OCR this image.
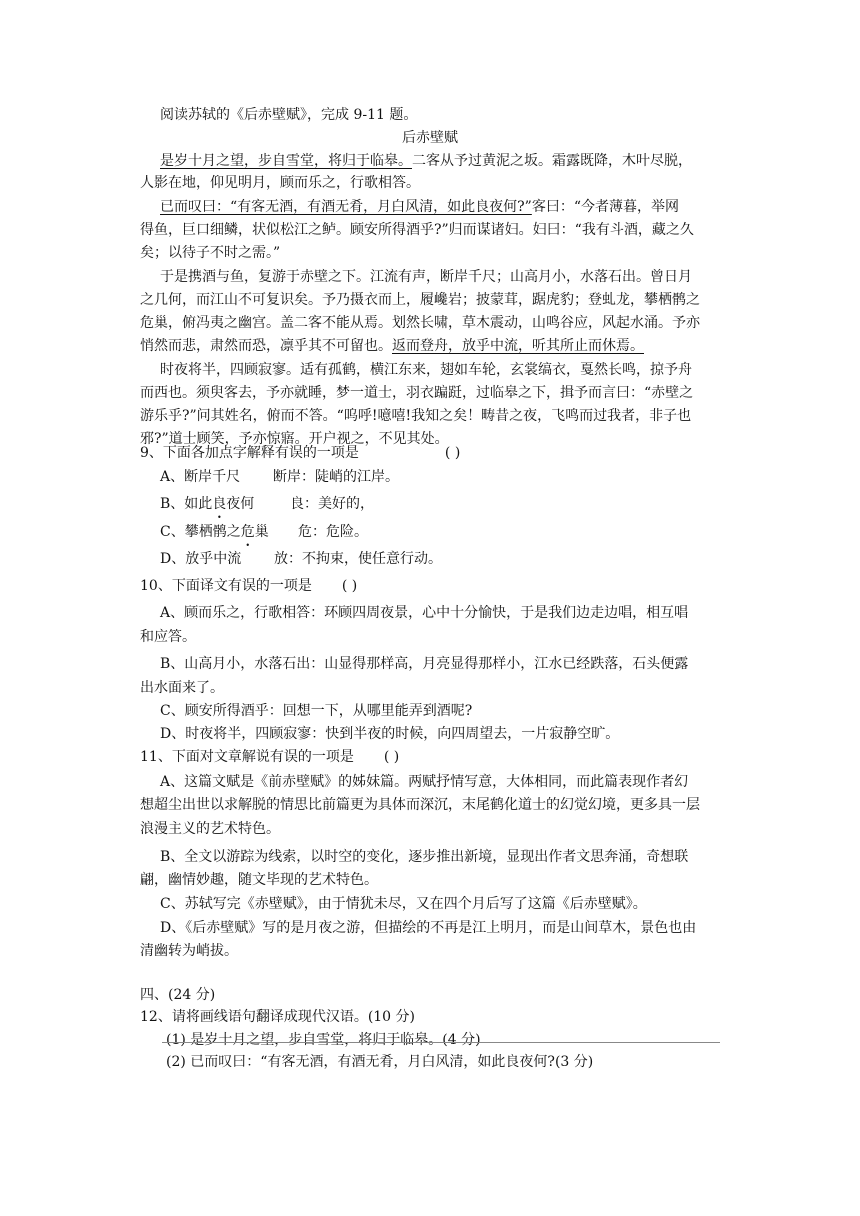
阅读苏轼的《后赤壁赋》，完成 9-11 题。
后赤壁赋
是岁十月之望，步自雪堂，将归于临皋。二客从予过黄泥之坂。霜露既降，木叶尽脱，
人影在地，仰见明月，顾而乐之，行歌相答。
已而叹曰：“有客无酒，有酒无肴，月白风清，如此良夜何?”客曰：“今者薄暮，举网
得鱼，巨口细鳞，状似松江之鲈。顾安所得酒乎?”归而谋诸妇。妇曰：“我有斗酒，藏之久
矣；以待子不时之需。”
于是携酒与鱼，复游于赤壁之下。江流有声，断岸千尺；山高月小，水落石出。曾日月
之几何，而江山不可复识矣。予乃摄衣而上，履巉岩；披蒙茸，踞虎豹；登虬龙，攀栖鹘之
危巢，俯冯夷之幽宫。盖二客不能从焉。划然长啸，草木震动，山鸣谷应，风起水涌。予亦
悄然而悲，肃然而恐，凛乎其不可留也。返而登舟，放乎中流，听其所止而休焉。
时夜将半，四顾寂寥。适有孤鹤，横江东来，翅如车轮，玄裳缟衣，戛然长鸣，掠予舟
而西也。须臾客去，予亦就睡，梦一道士，羽衣蹁跹，过临皋之下，揖予而言曰：“赤壁之
游乐乎?”问其姓名，俯而不答。“呜呼!噫嘻!我知之矣！畴昔之夜，飞鸣而过我者，非子也
邪?”道士顾笑，予亦惊寤。开户视之，不见其处。
9、下面各加点字解释有误的一项是	( )
A、断岸千尺 断岸：陡峭的江岸。
B、如此良夜何	良：美好的，
C、攀栖鹘之危巢 危：危险。
D、放乎中流 放：不拘束，使任意行动。
10、下面译文有误的一项是 ( )
A、顾而乐之，行歌相答：环顾四周夜景，心中十分愉快，于是我们边走边唱，相互唱
和应答。
B、山高月小，水落石出：山显得那样高，月亮显得那样小，江水已经跌落，石头便露
出水面来了。
C、顾安所得酒乎：回想一下，从哪里能弄到酒呢?
D、时夜将半，四顾寂寥：快到半夜的时候，向四周望去，一片寂静空旷。
11、下面对文章解说有误的一项是 ( )
A、这篇文赋是《前赤壁赋》的姊妹篇。两赋抒情写意，大体相同，而此篇表现作者幻
想超尘出世以求解脱的情思比前篇更为具体而深沉，末尾鹤化道士的幻觉幻境，更多具一层
浪漫主义的艺术特色。
B、全文以游踪为线索，以时空的变化，逐步推出新境，显现出作者文思奔涌，奇想联
翩，幽情妙趣，随文毕现的艺术特色。
C、苏轼写完《赤壁赋》，由于情犹未尽，又在四个月后写了这篇《后赤壁赋》。
D、《后赤壁赋》写的是月夜之游，但描绘的不再是江上明月，而是山间草木，景色也由
清幽转为峭拔。
四、(24 分)
12、请将画线语句翻译成现代汉语。(10 分)
(1) 是岁十月之望，步自雪堂，将归于临皋。(4 分)
(2) 已而叹曰：“有客无酒，有酒无肴，月白风清，如此良夜何?(3 分)
